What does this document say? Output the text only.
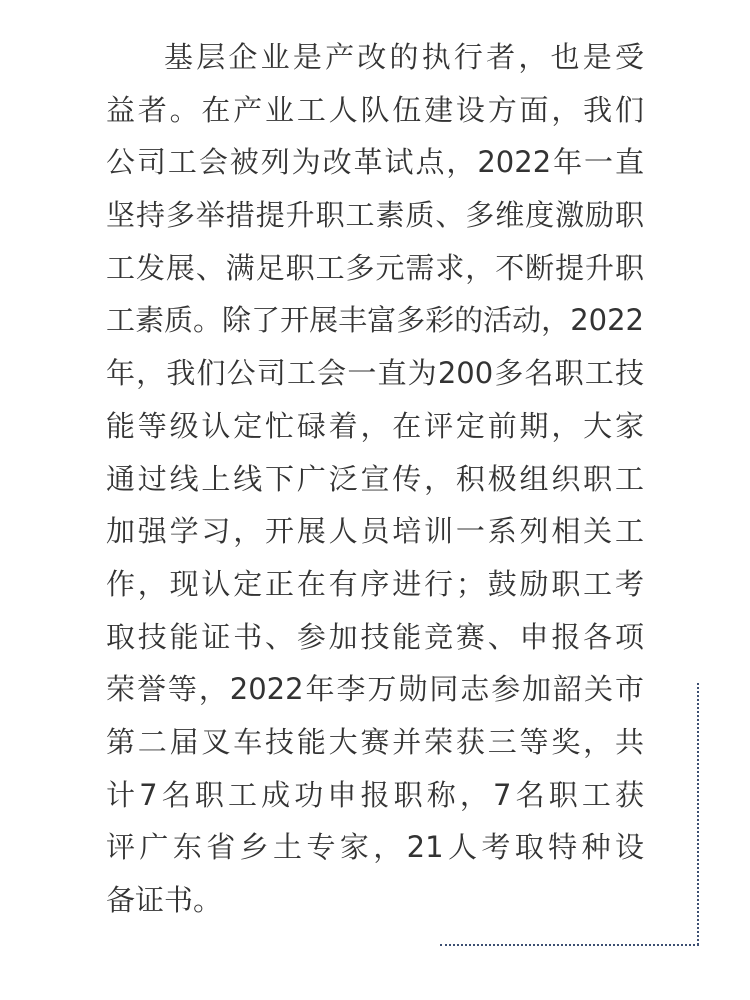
基层企业是产改的执行者，也是受
益者。在产业工人队伍建设方面，我们
公司工会被列为改革试点，2022年一直
坚持多举措提升职工素质、多维度激励职
工发展、满足职工多元需求，不断提升职
工素质。除了开展丰富多彩的活动，2022
年，我们公司工会一直为200多名职工技
能等级认定忙碌着，在评定前期，大家
通过线上线下广泛宣传，积极组织职工
加强学习，开展人员培训一系列相关工
作，现认定正在有序进行；鼓励职工考
取技能证书、参加技能竞赛、申报各项
荣誉等，2022年李万勋同志参加韶关市
第二届叉车技能大赛并荣获三等奖，共
计7名职工成功申报职称，7名职工获
评广东省乡土专家，21人考取特种设
备证书。
